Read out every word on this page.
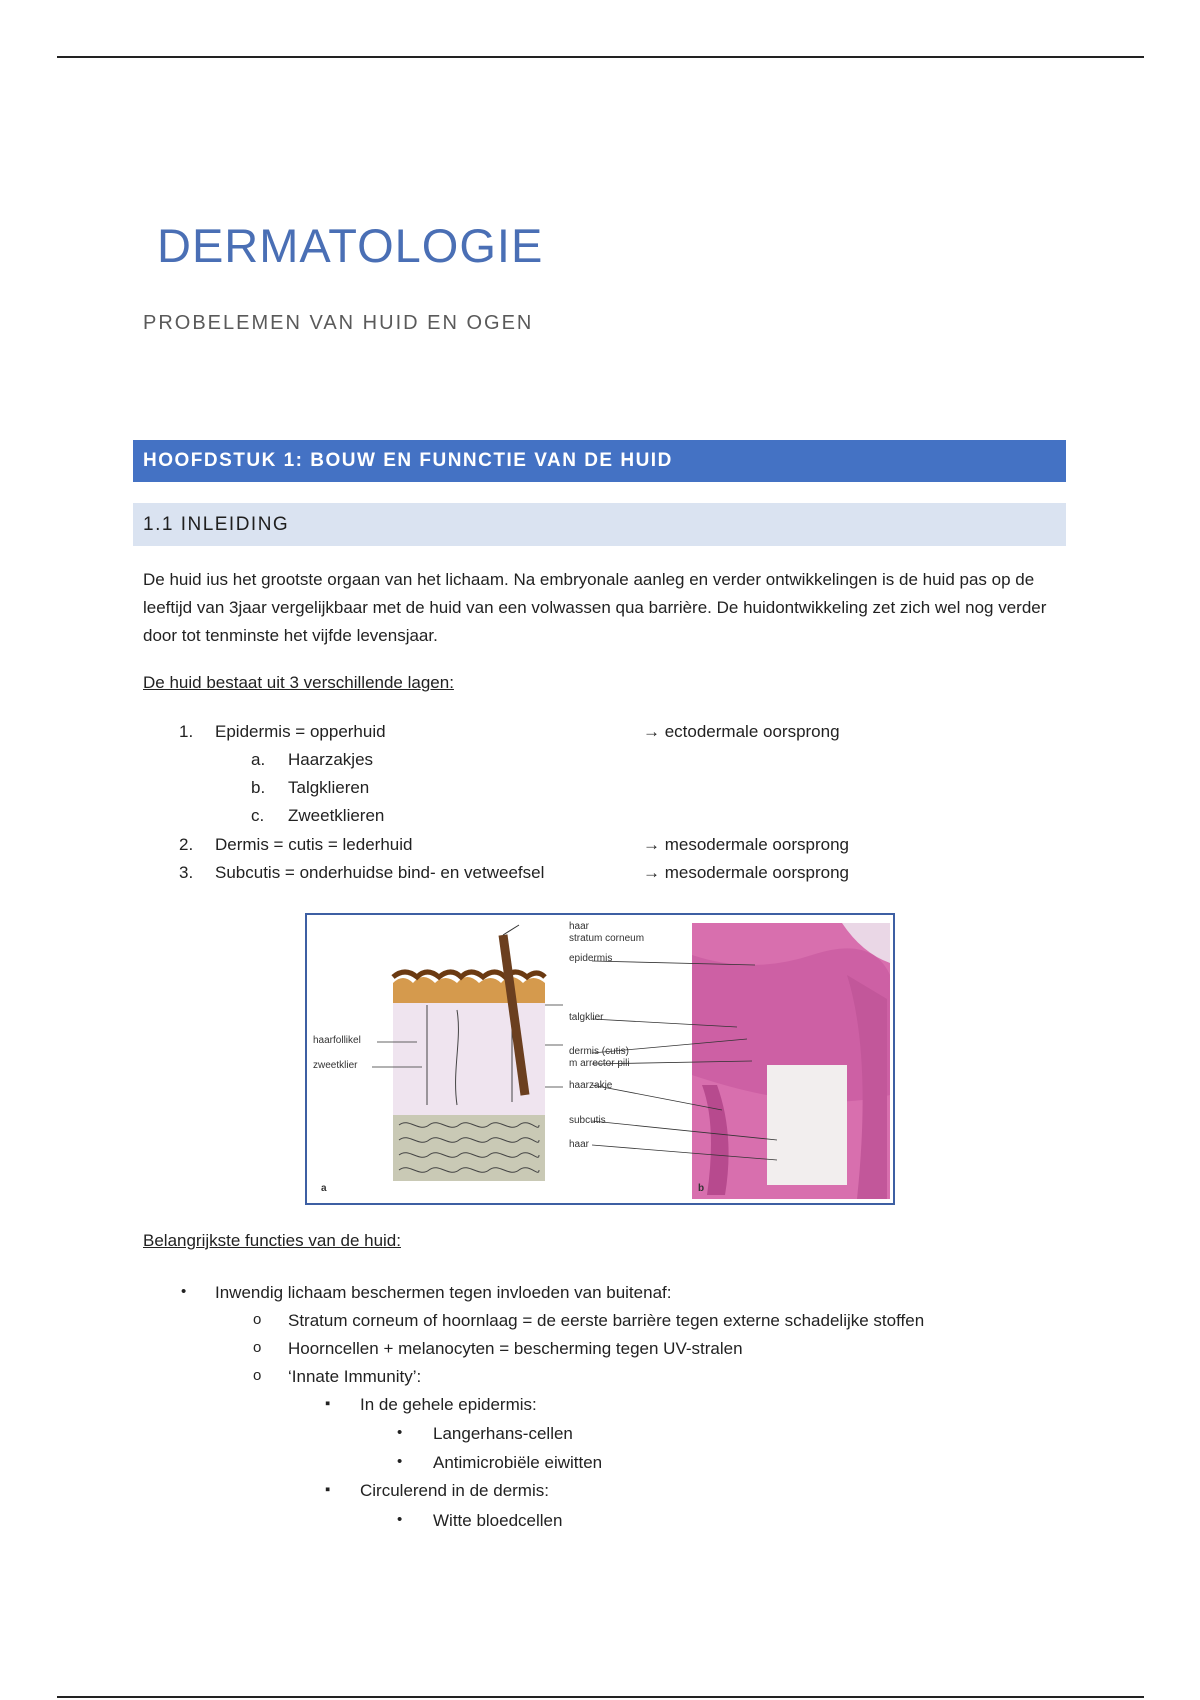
DERMATOLOGIE
PROBELEMEN VAN HUID EN OGEN
HOOFDSTUK 1: BOUW EN FUNNCTIE VAN DE HUID
1.1 INLEIDING
De huid ius het grootste orgaan van het lichaam. Na embryonale aanleg en verder ontwikkelingen is de huid pas op de leeftijd van 3jaar vergelijkbaar met de huid van een volwassen qua barrière. De huidontwikkeling zet zich wel nog verder door tot tenminste het vijfde levensjaar.
De huid bestaat uit 3 verschillende lagen:
1. Epidermis = opperhuid	→ ectodermale oorsprong
a. Haarzakjes
b. Talgklieren
c. Zweetklieren
2. Dermis = cutis = lederhuid	→ mesodermale oorsprong
3. Subcutis = onderhuidse bind- en vetweefsel	→ mesodermale oorsprong
haar
stratum corneum
epidermis
talgklier
dermis (cutis)
m arrector pili
haarzakje
subcutis
haar
haarfollikel
zweetklier
a	b
Belangrijkste functies van de huid:
• Inwendig lichaam beschermen tegen invloeden van buitenaf:
o Stratum corneum of hoornlaag = de eerste barrière tegen externe schadelijke stoffen
o Hoorncellen + melanocyten = bescherming tegen UV-stralen
o ‘Innate Immunity’:
▪ In de gehele epidermis:
• Langerhans-cellen
• Antimicrobiële eiwitten
▪ Circulerend in de dermis:
• Witte bloedcellen
